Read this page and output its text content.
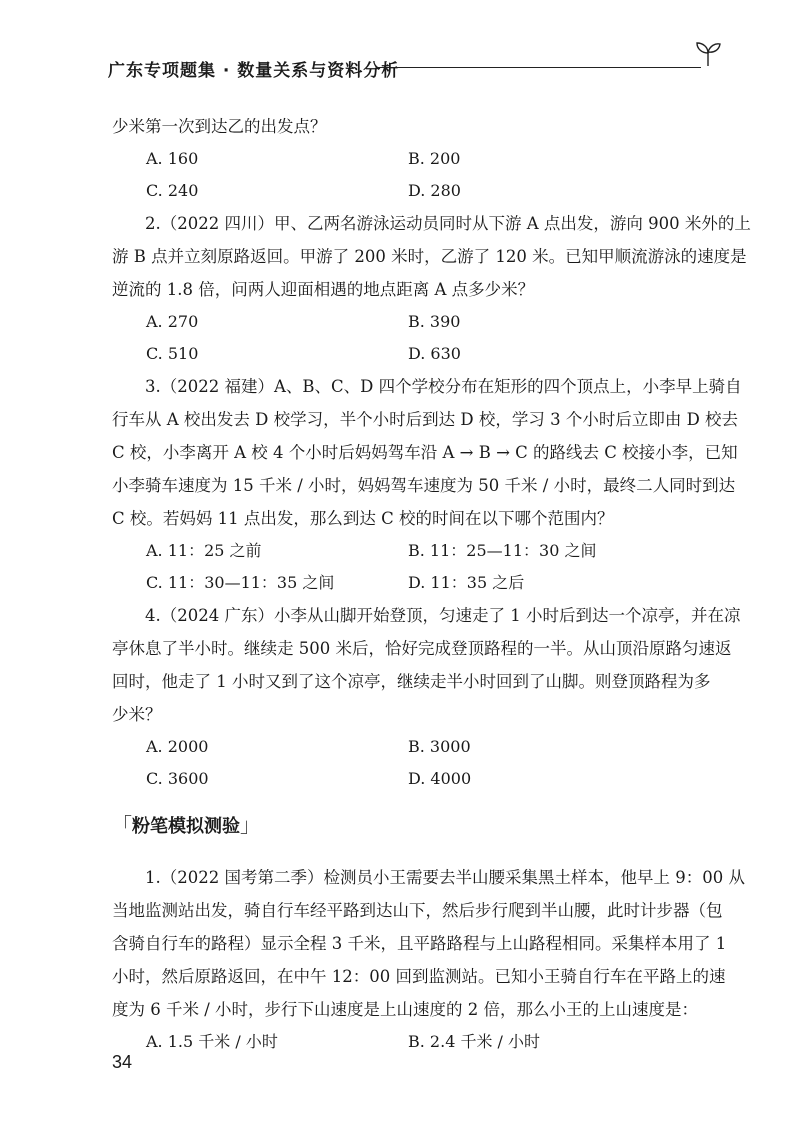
广东专项题集 · 数量关系与资料分析

少米第一次到达乙的出发点？

A. 160	B. 200
C. 240	D. 280

2.（2022 四川）甲、乙两名游泳运动员同时从下游 A 点出发，游向 900 米外的上

游 B 点并立刻原路返回。甲游了 200 米时，乙游了 120 米。已知甲顺流游泳的速度是

逆流的 1.8 倍，问两人迎面相遇的地点距离 A 点多少米？

A. 270	B. 390
C. 510	D. 630

3.（2022 福建）A、B、C、D 四个学校分布在矩形的四个顶点上，小李早上骑自

行车从 A 校出发去 D 校学习，半个小时后到达 D 校，学习 3 个小时后立即由 D 校去

C 校，小李离开 A 校 4 个小时后妈妈驾车沿 A → B → C 的路线去 C 校接小李，已知

小李骑车速度为 15 千米 / 小时，妈妈驾车速度为 50 千米 / 小时，最终二人同时到达

C 校。若妈妈 11 点出发，那么到达 C 校的时间在以下哪个范围内？

A. 11：25 之前	B. 11：25—11：30 之间
C. 11：30—11：35 之间	D. 11：35 之后

4.（2024 广东）小李从山脚开始登顶，匀速走了 1 小时后到达一个凉亭，并在凉

亭休息了半小时。继续走 500 米后，恰好完成登顶路程的一半。从山顶沿原路匀速返

回时，他走了 1 小时又到了这个凉亭，继续走半小时回到了山脚。则登顶路程为多

少米？

A. 2000	B. 3000
C. 3600	D. 4000
「粉笔模拟测验」

1.（2022 国考第二季）检测员小王需要去半山腰采集黑土样本，他早上 9：00 从

当地监测站出发，骑自行车经平路到达山下，然后步行爬到半山腰，此时计步器（包

含骑自行车的路程）显示全程 3 千米，且平路路程与上山路程相同。采集样本用了 1

小时，然后原路返回，在中午 12：00 回到监测站。已知小王骑自行车在平路上的速

度为 6 千米 / 小时，步行下山速度是上山速度的 2 倍，那么小王的上山速度是：

A. 1.5 千米 / 小时	B. 2.4 千米 / 小时
34
